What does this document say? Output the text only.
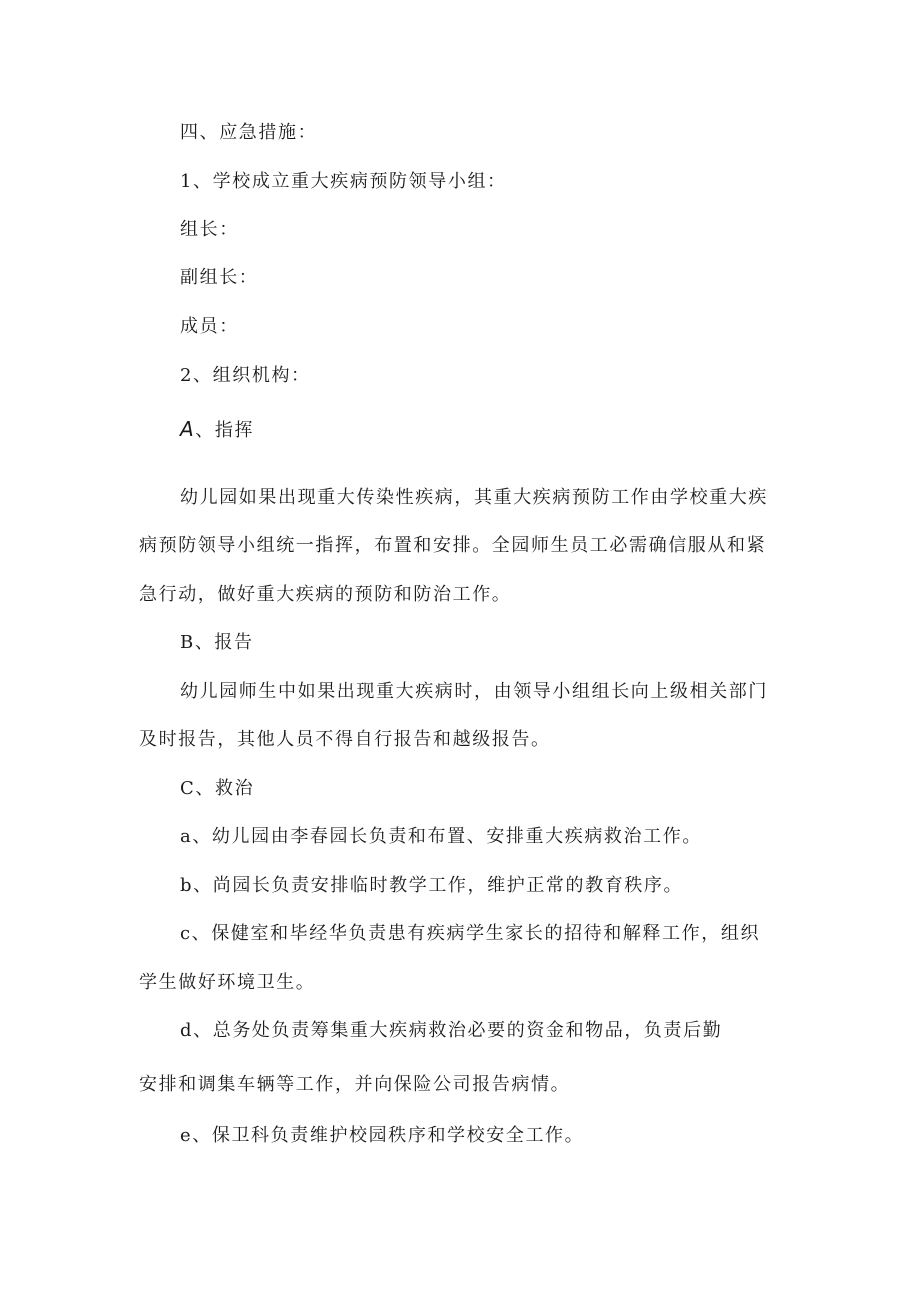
四、应急措施：
1、学校成立重大疾病预防领导小组：
组长：
副组长：
成员：
2、组织机构：
A、指挥
幼儿园如果出现重大传染性疾病，其重大疾病预防工作由学校重大疾
病预防领导小组统一指挥，布置和安排。全园师生员工必需确信服从和紧
急行动，做好重大疾病的预防和防治工作。
B、报告
幼儿园师生中如果出现重大疾病时，由领导小组组长向上级相关部门
及时报告，其他人员不得自行报告和越级报告。
C、救治
a、幼儿园由李春园长负责和布置、安排重大疾病救治工作。
b、尚园长负责安排临时教学工作，维护正常的教育秩序。
c、保健室和毕经华负责患有疾病学生家长的招待和解释工作，组织
学生做好环境卫生。
d、总务处负责筹集重大疾病救治必要的资金和物品，负责后勤
安排和调集车辆等工作，并向保险公司报告病情。
e、保卫科负责维护校园秩序和学校安全工作。
